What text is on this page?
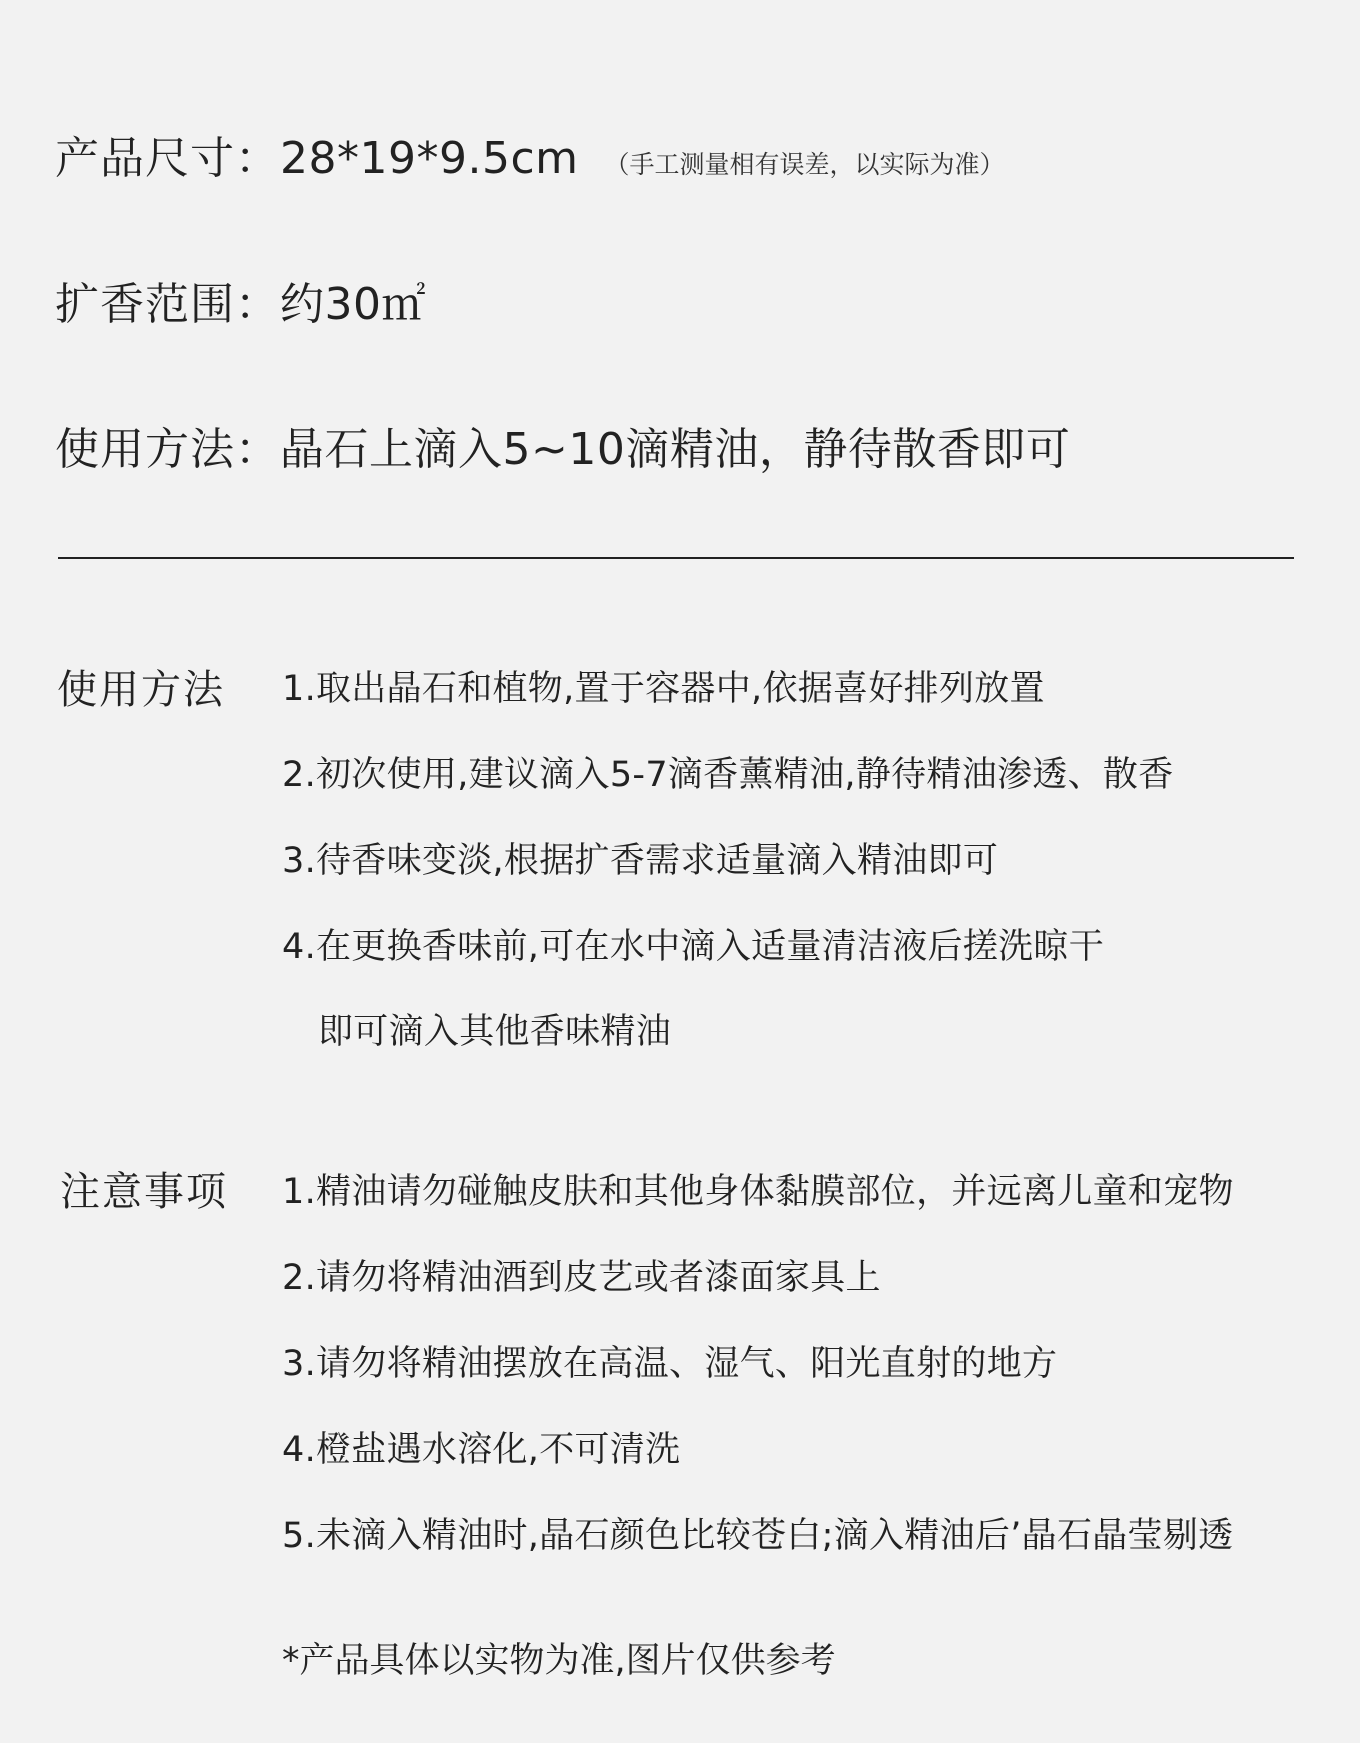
产品尺寸： 28*19*9.5cm （手工测量相有误差，以实际为准）
扩香范围： 约30㎡
使用方法： 晶石上滴入5~10滴精油，静待散香即可
使用方法 1.取出晶石和植物,置于容器中,依据喜好排列放置
2.初次使用,建议滴入5-7滴香薰精油,静待精油渗透、散香
3.待香味变淡,根据扩香需求适量滴入精油即可
4.在更换香味前,可在水中滴入适量清洁液后搓洗晾干
即可滴入其他香味精油
注意事项 1.精油请勿碰触皮肤和其他身体黏膜部位，并远离儿童和宠物
2.请勿将精油酒到皮艺或者漆面家具上
3.请勿将精油摆放在高温、湿气、阳光直射的地方
4.橙盐遇水溶化,不可清洗
5.未滴入精油时,晶石颜色比较苍白;滴入精油后’晶石晶莹剔透
*产品具体以实物为准,图片仅供参考
